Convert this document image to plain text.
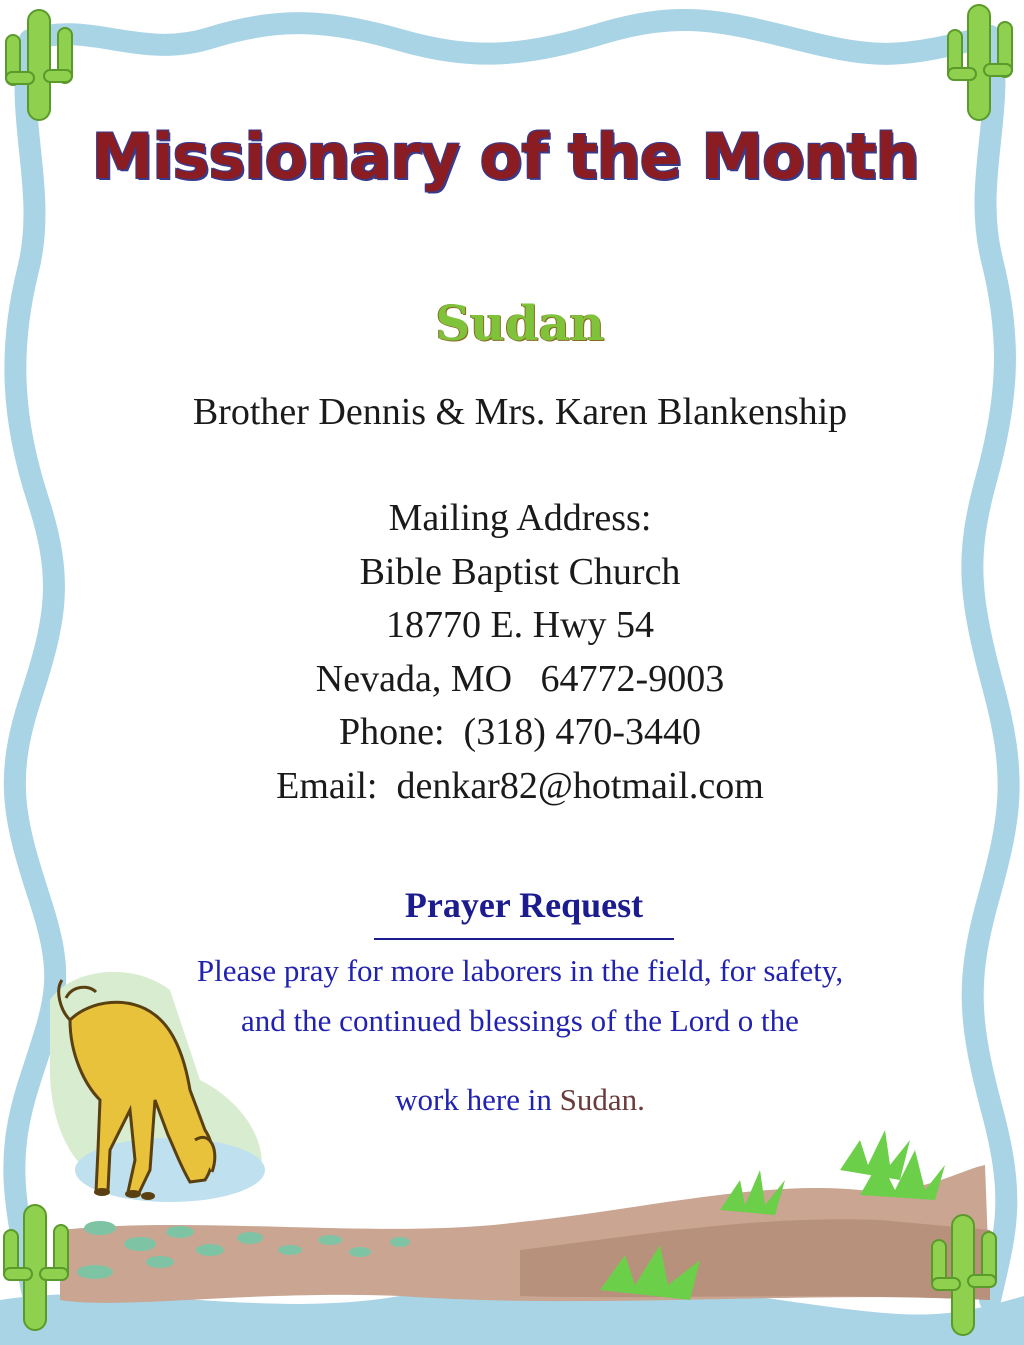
Missionary of the Month
Sudan
Brother Dennis & Mrs. Karen Blankenship
Mailing Address:
Bible Baptist Church
18770 E. Hwy 54
Nevada, MO   64772-9003
Phone:  (318) 470-3440
Email:  denkar82@hotmail.com
Prayer Request
Please pray for more laborers in the field, for safety,
and the continued blessings of the Lord o the
work here in Sudan.
